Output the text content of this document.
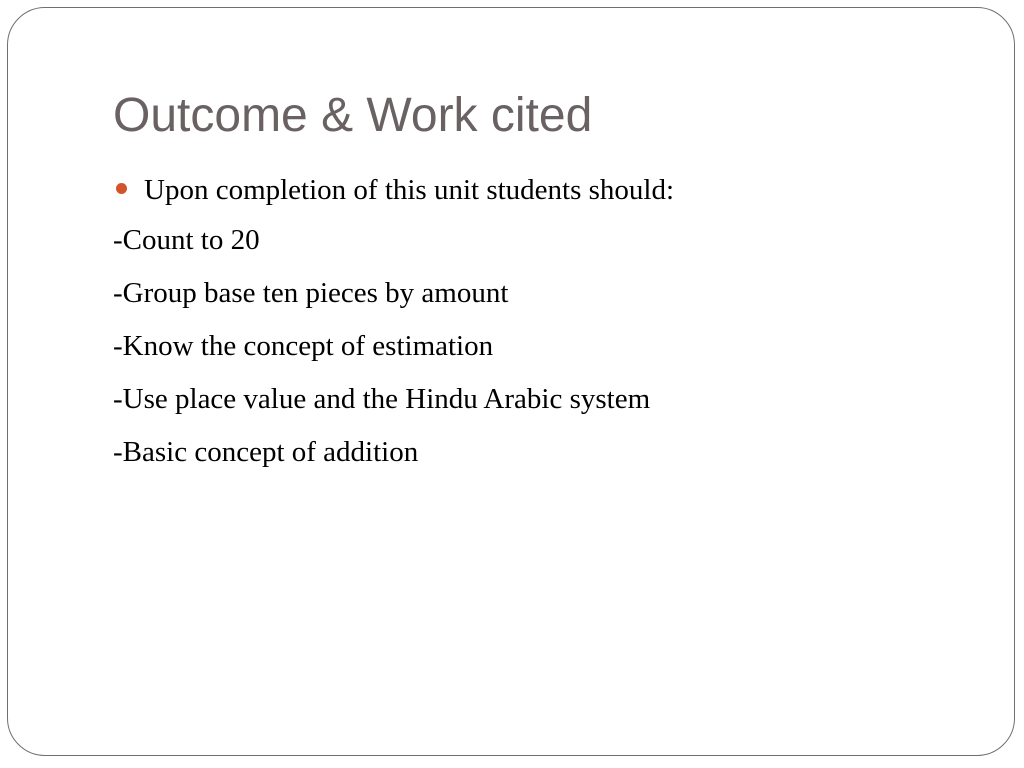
Outcome & Work cited
Upon completion of this unit students should:
-Count to 20
-Group base ten pieces by amount
-Know the concept of estimation
-Use place value and the Hindu Arabic system
-Basic concept of addition
